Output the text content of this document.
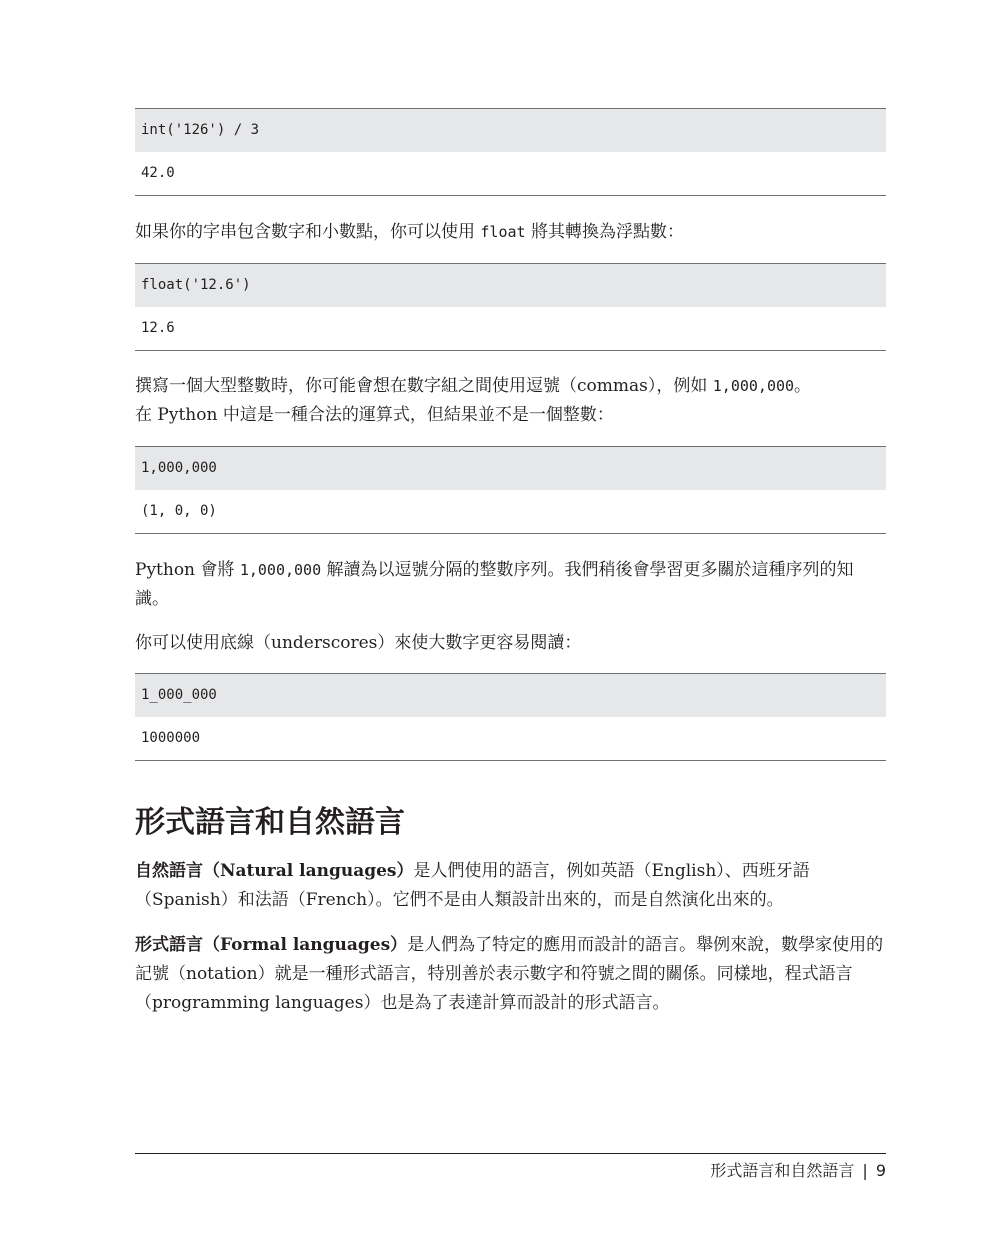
int('126') / 3
42.0

如果你的字串包含數字和小數點，你可以使用 float 將其轉換為浮點數：

float('12.6')
12.6
撰寫一個大型整數時，你可能會想在數字組之間使用逗號（commas），例如 1,000,000。
在 Python 中這是一種合法的運算式，但結果並不是一個整數：
1,000,000
(1, 0, 0)

Python 會將 1,000,000 解讀為以逗號分隔的整數序列。我們稍後會學習更多關於這種序列的知識。

你可以使用底線（underscores）來使大數字更容易閱讀：

1_000_000
1000000
形式語言和自然語言

自然語言（Natural languages）是人們使用的語言，例如英語（English）、西班牙語（Spanish）和法語（French）。它們不是由人類設計出來的，而是自然演化出來的。

形式語言（Formal languages）是人們為了特定的應用而設計的語言。舉例來說，數學家使用的記號（notation）就是一種形式語言，特別善於表示數字和符號之間的關係。同樣地，程式語言（programming languages）也是為了表達計算而設計的形式語言。

形式語言和自然語言 | 9
